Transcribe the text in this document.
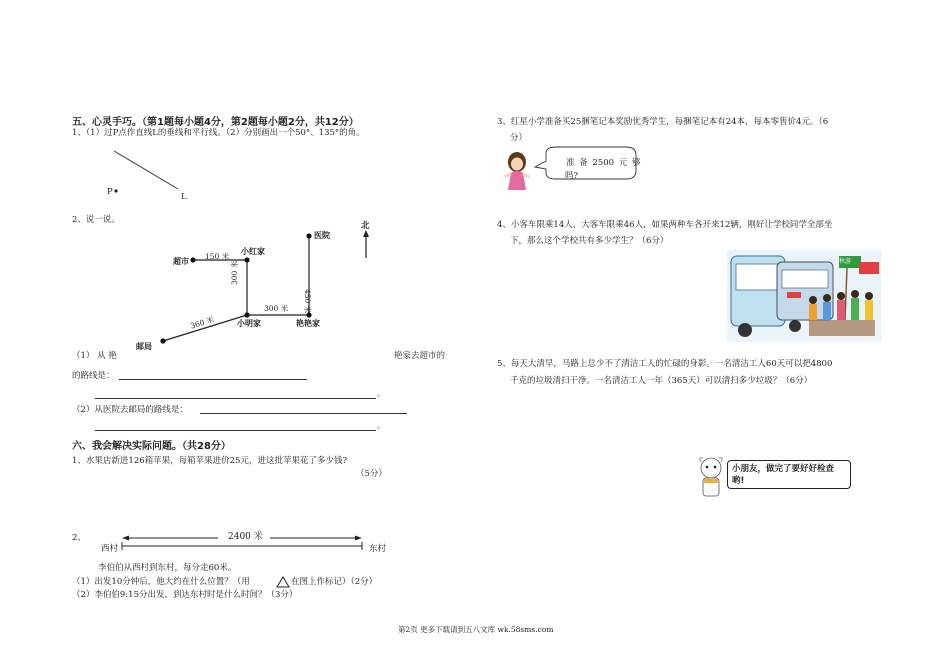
五、心灵手巧。（第1题每小题4分，第2题每小题2分，共12分）
1、（1）过P点作直线L的垂线和平行线。（2）分别画出一个50°、135°的角。
P	L
2、说一说。
北
医院
小红家
超市
150 米
300 米
450 米
300 米
360 米	小明家	艳艳家
邮局
（1） 从 艳	艳家去超市的
的路线是：
。
（2）从医院去邮局的路线是：
。
六、我会解决实际问题。（共28分）
1、水果店新进126箱苹果，每箱苹果进价25元，进这批苹果花了多少钱?
（5分）
2、	2400 米
西村	东村
李伯伯从西村到东村，每分走60米。
（1）出发10分钟后，他大约在什么位置？（用	在图上作标记）（2分）
（2）李伯伯9:15分出发，到达东村时是什么时间？（3分）
3、红星小学准备买25捆笔记本奖励优秀学生，每捆笔记本有24本，每本零售价4元。（6
分）
准 备 2500 元 够
吗?
4、小客车限乘14人，大客车限乘46人，如果两种车各开来12辆，刚好让学校同学全部坐
下，那么这个学校共有多少学生？（6分）
秋游
5、每天大清早，马路上总少不了清洁工人的忙碌的身影。一名清洁工人60天可以把4800
千克的垃圾清扫干净。一名清洁工人一年（365天）可以清扫多少垃圾？（6分）
小朋友，做完了要好好检查
哟!
第2页 更多下载请到五八文库 wk.58sms.com
